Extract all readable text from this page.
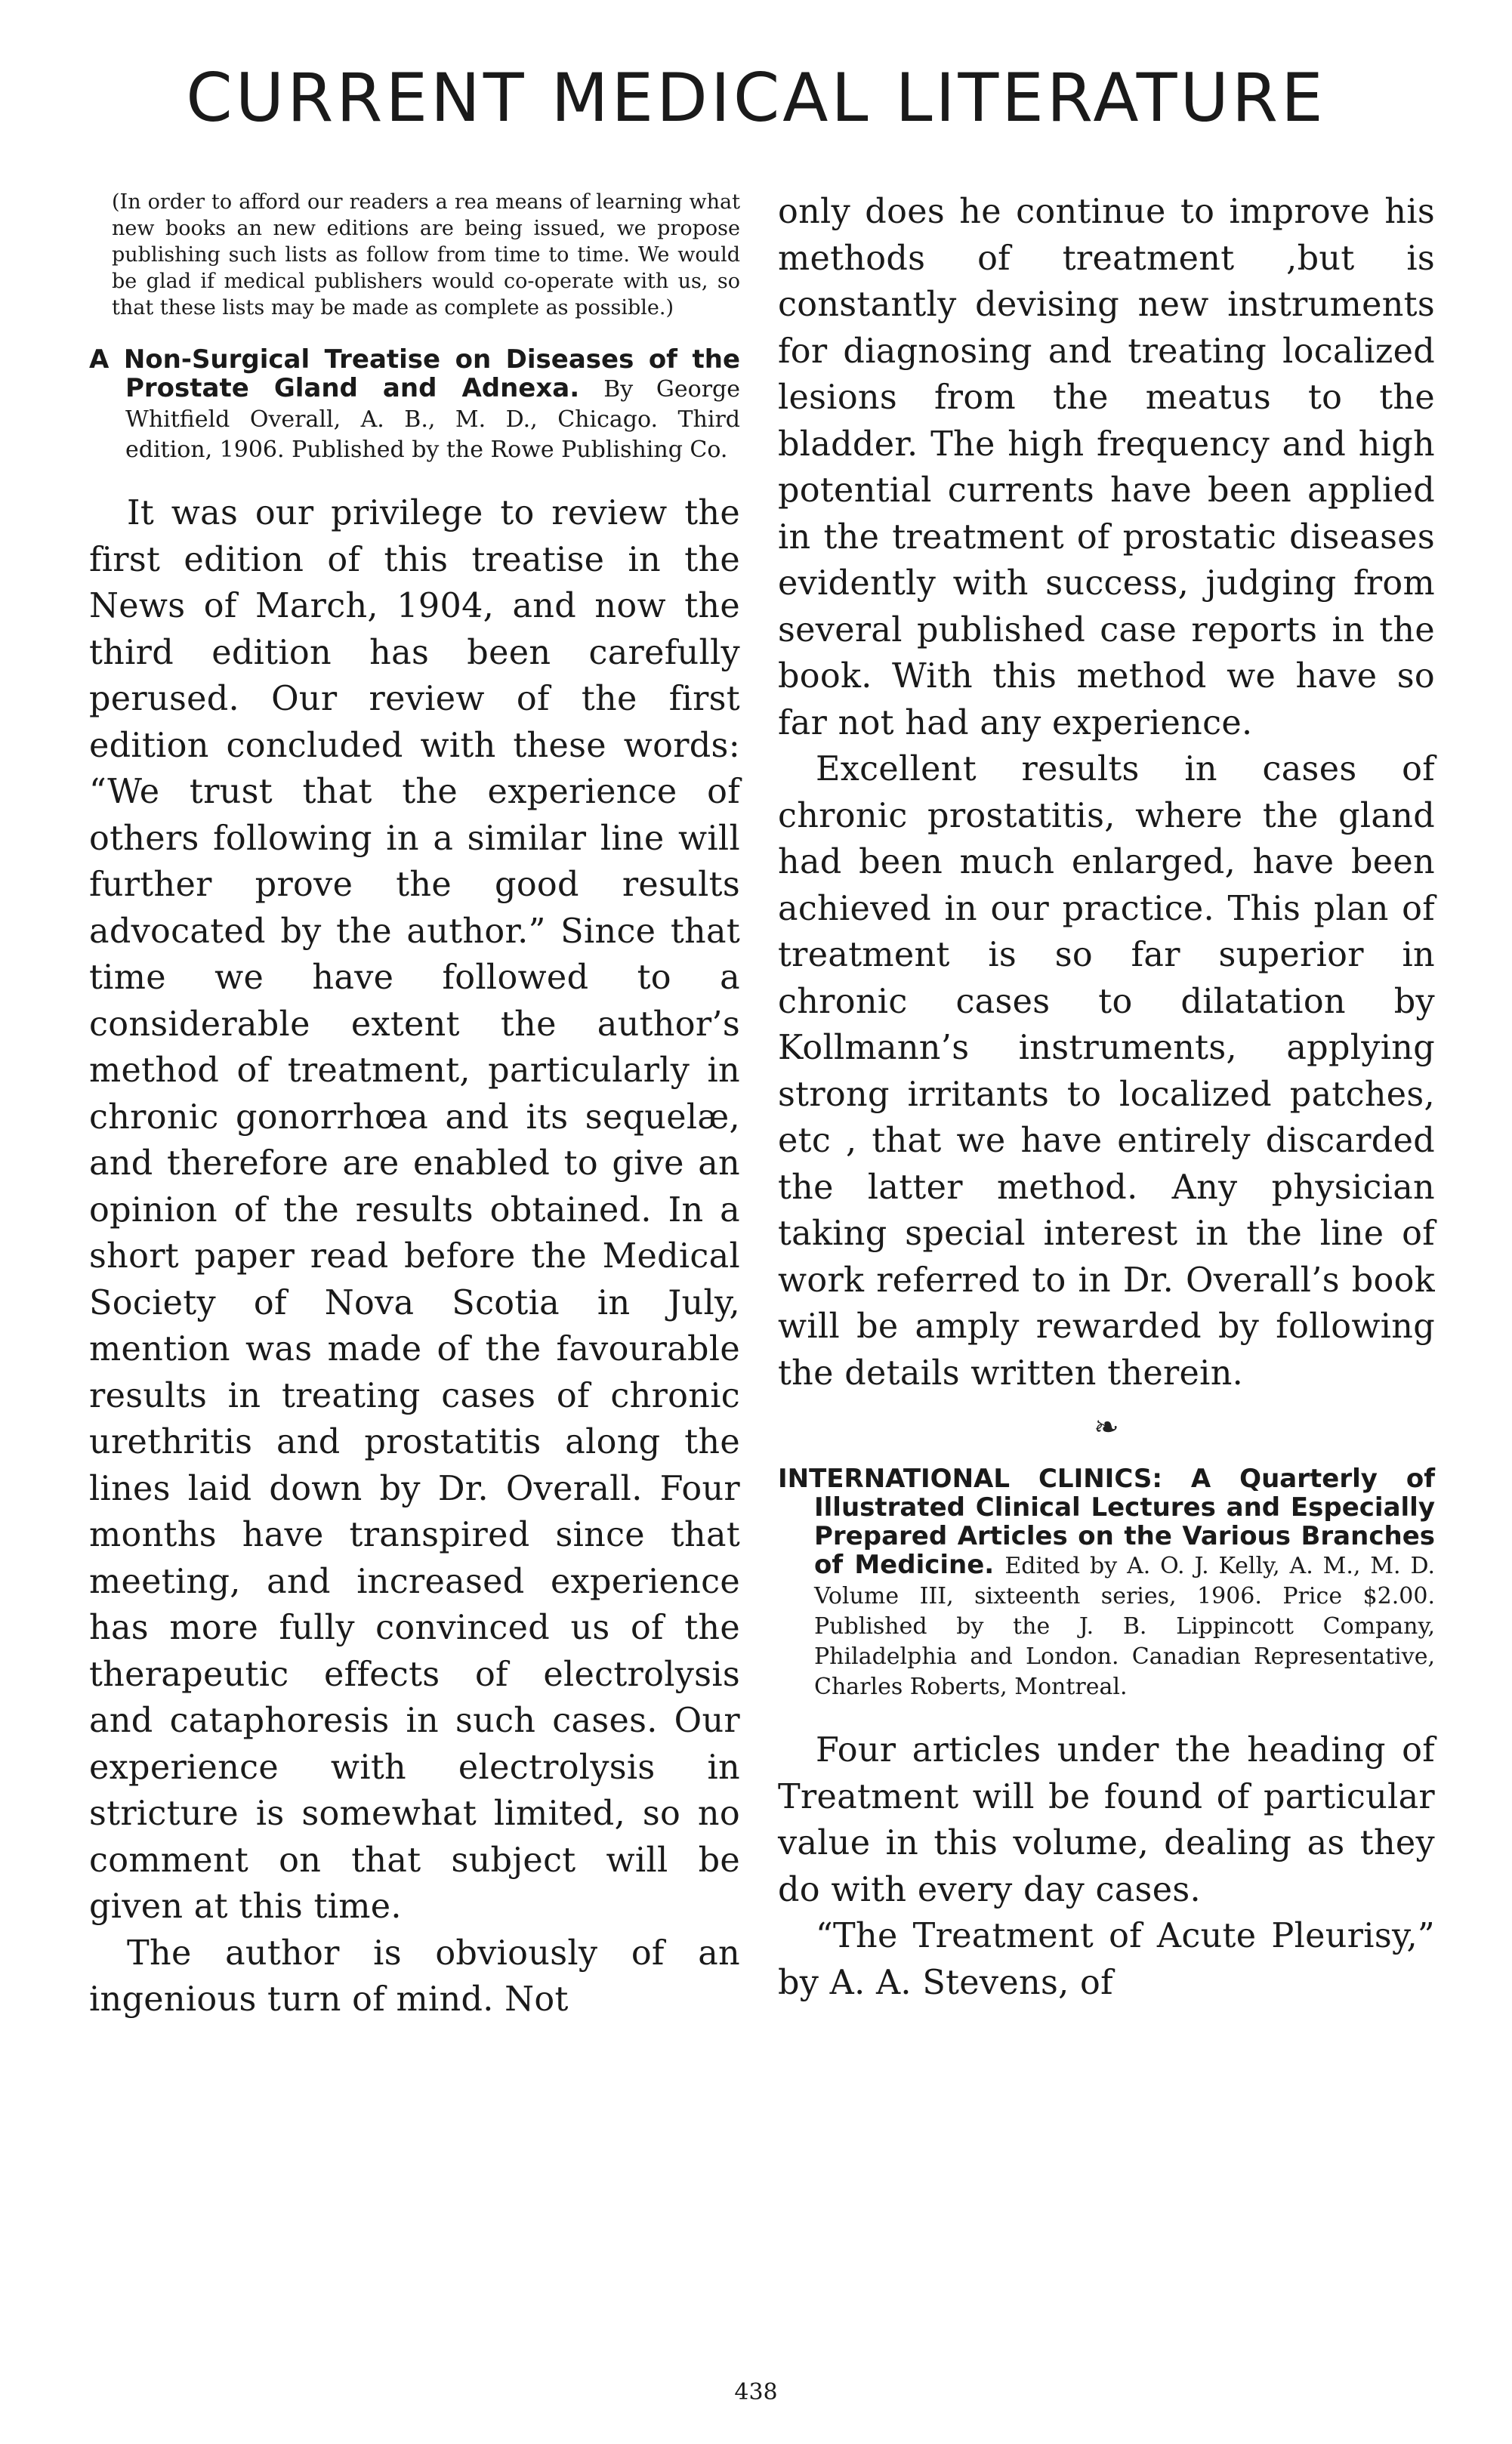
CURRENT MEDICAL LITERATURE

(In order to afford our readers a rea means of learning what new books an new editions are being issued, we propose publishing such lists as follow from time to time. We would be glad if medical publishers would co-operate with us, so that these lists may be made as complete as possible.)

A Non-Surgical Treatise on Diseases of the Prostate Gland and Adnexa. By George Whitfield Overall, A. B., M. D., Chicago. Third edition, 1906. Published by the Rowe Publishing Co.

It was our privilege to review the first edition of this treatise in the News of March, 1904, and now the third edition has been carefully perused. Our review of the first edition concluded with these words: “We trust that the experience of others following in a similar line will further prove the good results advocated by the author.” Since that time we have followed to a considerable extent the author’s method of treatment, particularly in chronic gonorrhœa and its sequelæ, and therefore are enabled to give an opinion of the results obtained. In a short paper read before the Medical Society of Nova Scotia in July, mention was made of the favourable results in treating cases of chronic urethritis and prostatitis along the lines laid down by Dr. Overall. Four months have transpired since that meeting, and increased experience has more fully convinced us of the therapeutic effects of electrolysis and cataphoresis in such cases. Our experience with electrolysis in stricture is somewhat limited, so no comment on that subject will be given at this time.

The author is obviously of an ingenious turn of mind. Not

only does he continue to improve his methods of treatment ,but is constantly devising new instruments for diagnosing and treating localized lesions from the meatus to the bladder. The high frequency and high potential currents have been applied in the treatment of prostatic diseases evidently with success, judging from several published case reports in the book. With this method we have so far not had any experience.

Excellent results in cases of chronic prostatitis, where the gland had been much enlarged, have been achieved in our practice. This plan of treatment is so far superior in chronic cases to dilatation by Kollmann’s instruments, applying strong irritants to localized patches, etc , that we have entirely discarded the latter method. Any physician taking special interest in the line of work referred to in Dr. Overall’s book will be amply rewarded by following the details written therein.

❧
INTERNATIONAL CLINICS: A Quarterly of Illustrated Clinical Lectures and Especially Prepared Articles on the Various Branches of Medicine. Edited by A. O. J. Kelly, A. M., M. D. Volume III, sixteenth series, 1906. Price $2.00. Published by the J. B. Lippincott Company, Philadelphia and London. Canadian Representative, Charles Roberts, Montreal.

Four articles under the heading of Treatment will be found of particular value in this volume, dealing as they do with every day cases.

“The Treatment of Acute Pleurisy,” by A. A. Stevens, of

438
